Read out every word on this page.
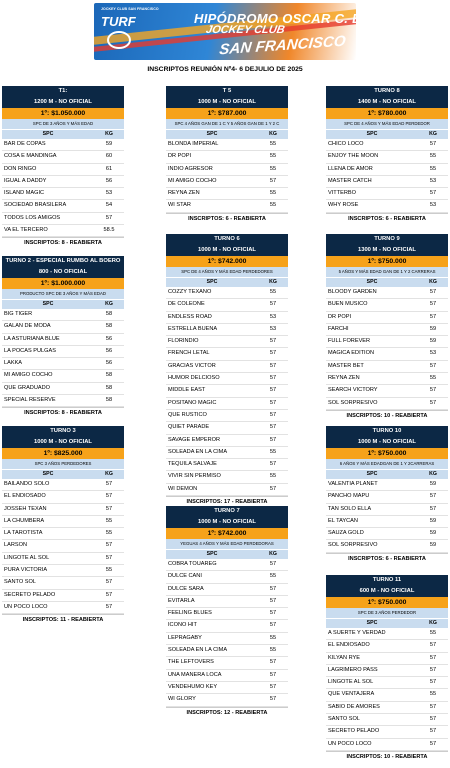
JOCKEY CLUB SAN FRANCISCO
TURF	HIPÓDROMO OSCAR C. BOERO
JOCKEY CLUB
SAN FRANCISCO
INSCRIPTOS REUNIÓN Nº4- 6 DEJULIO DE 2025
T1:
1200 M - NO OFICIAL
1º: $1.050.000
SPC DE 3 AÑOS Y MÁS EDAD
SPC	KG
BAR DE COPAS	59
COSA E MANDINGA	60
DON RINGO	61
IGUAL A DADDY	56
ISLAND MAGIC	53
SOCIEDAD BRASILERA	54
TODOS LOS AMIGOS	57
VA EL TERCERO	58.5
INSCRIPTOS: 8 - REABIERTA
TURNO 2 - ESPECIAL RUMBO AL BOERO
800 - NO OFICIAL
1º: $1.000.000
PRODUCTO SPC DE 3 AÑOS Y MÁS EDAD
SPC	KG
BIG TIGER	58
GALAN DE MODA	58
LA ASTURIANA BLUE	56
LA POCAS PULGAS	56
LAKKA	56
MI AMIGO COCHO	58
QUE GRADUADO	58
SPECIAL RESERVE	58
INSCRIPTOS: 8 - REABIERTA
TURNO 3
1000 M - NO OFICIAL
1º: $825.000
SPC 3 AÑOS PERDEDORES
SPC	KG
BAILANDO SOLO	57
EL ENDIOSADO	57
JOSSEH TEXAN	57
LA CHUMBERA	55
LA TAROTISTA	55
LARSON	57
LINGOTE AL SOL	57
PURA VICTORIA	55
SANTO SOL	57
SECRETO PELADO	57
UN POCO LOCO	57
INSCRIPTOS: 11 - REABIERTA
T 5
1000 M - NO OFICIAL
1º: $787.000
SPC 4 AÑOS GAN DE 1 C Y 5 AÑOS GAN DE 1 Y 2 C
SPC	KG
BLONDA IMPERIAL	55
DR POPI	55
INDIO AGRESOR	55
MI AMIGO COCHO	57
REYNA ZEN	55
WI STAR	55
INSCRIPTOS: 6 - REABIERTA
TURNO 6
1000 M - NO OFICIAL
1º: $742.000
SPC DE 4 AÑOS Y MÁS EDAD PERDEDORES
SPC	KG
COZZY TEXANO	55
DE COLEONE	57
ENDLESS ROAD	53
ESTRELLA BUENA	53
FLORINDIO	57
FRENCH LETAL	57
GRACIAS VICTOR	57
HUMOR DELCIOSO	57
MIDDLE EAST	57
POSITANO MAGIC	57
QUE RUSTICO	57
QUIET PARADE	57
SAVAGE EMPEROR	57
SOLEADA EN LA CIMA	55
TEQUILA SALVAJE	57
VIVIR SIN PERMISO	55
WI DEMON	57
INSCRIPTOS: 17 - REABIERTA
TURNO 7
1000 M - NO OFICIAL
1º: $742.000
YEGUAS 4 AÑOS Y MÁS EDAD PERDEDORAS
SPC	KG
COBRA TOUAREG	57
DULCE CANI	55
DULCE SARA	57
EVITARLA	57
FEELING BLUES	57
ICONO HIT	57
LEPRAGABY	55
SOLEADA EN LA CIMA	55
THE LEFTOVERS	57
UNA MANERA LOCA	57
VENDEHUMO KEY	57
WI GLORY	57
INSCRIPTOS: 12 - REABIERTA
TURNO 8
1400 M - NO OFICIAL
1º: $780.000
SPC DE 4 AÑOS Y MÁS EDAD PERDEDOR
SPC	KG
CHICO LOCO	57
ENJOY THE MOON	55
LLENA DE AMOR	55
MASTER CATCH	53
VITTERBO	57
WHY ROSE	53
INSCRIPTOS: 6 - REABIERTA
TURNO 9
1300 M - NO OFICIAL
1º: $750.000
5 AÑOS Y MÁS EDAD GAN DE 1 Y 2 CARRERAS
SPC	KG
BLOODY GARDEN	57
BUEN MUSICO	57
DR POPI	57
FARCHI	59
FULL FOREVER	59
MAGICA EDITION	53
MASTER BET	57
REYNA ZEN	55
SEARCH VICTORY	57
SOL SORPRESIVO	57
INSCRIPTOS: 10 - REABIERTA
TURNO 10
1000 M - NO OFICIAL
1º: $750.000
6 AÑOS Y MÁS EDADGAN DE 1 Y 2CARRERAS
SPC	KG
VALENTIA PLANET	59
PANCHO MAPU	57
TAN SOLO ELLA	57
EL TAYCAN	59
SAUZA GOLD	59
SOL SORPRESIVO	59
INSCRIPTOS: 6 - REABIERTA
TURNO 11
600 M - NO OFICIAL
1º: $750.000
SPC DE 3 AÑOS PERDEDOR
SPC	KG
A SUERTE Y VERDAD	55
EL ENDIOSADO	57
KILYAN RYE	57
LAGRIMERO PASS	57
LINGOTE AL SOL	57
QUE VENTAJERA	55
SABIO DE AMORES	57
SANTO SOL	57
SECRETO PELADO	57
UN POCO LOCO	57
INSCRIPTOS: 10 - REABIERTA
